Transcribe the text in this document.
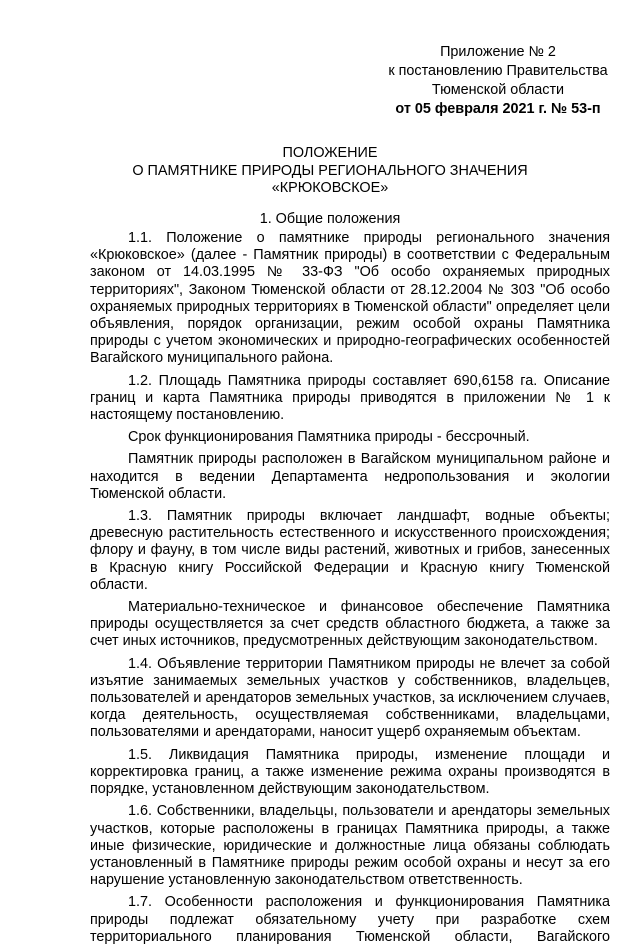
Приложение № 2
к постановлению Правительства
Тюменской области
от 05 февраля 2021 г. № 53-п
ПОЛОЖЕНИЕ
О ПАМЯТНИКЕ ПРИРОДЫ РЕГИОНАЛЬНОГО ЗНАЧЕНИЯ
«КРЮКОВСКОЕ»
1. Общие положения

1.1. Положение о памятнике природы регионального значения «Крюковское» (далее - Памятник природы) в соответствии с Федеральным законом от 14.03.1995 № 33-ФЗ "Об особо охраняемых природных территориях", Законом Тюменской области от 28.12.2004 № 303 "Об особо охраняемых природных территориях в Тюменской области" определяет цели объявления, порядок организации, режим особой охраны Памятника природы с учетом экономических и природно-географических особенностей Вагайского муниципального района.

1.2. Площадь Памятника природы составляет 690,6158 га. Описание границ и карта Памятника природы приводятся в приложении № 1 к настоящему постановлению.

Срок функционирования Памятника природы - бессрочный.

Памятник природы расположен в Вагайском муниципальном районе и находится в ведении Департамента недропользования и экологии Тюменской области.

1.3. Памятник природы включает ландшафт, водные объекты; древесную растительность естественного и искусственного происхождения; флору и фауну, в том числе виды растений, животных и грибов, занесенных в Красную книгу Российской Федерации и Красную книгу Тюменской области.

Материально-техническое и финансовое обеспечение Памятника природы осуществляется за счет средств областного бюджета, а также за счет иных источников, предусмотренных действующим законодательством.

1.4. Объявление территории Памятником природы не влечет за собой изъятие занимаемых земельных участков у собственников, владельцев, пользователей и арендаторов земельных участков, за исключением случаев, когда деятельность, осуществляемая собственниками, владельцами, пользователями и арендаторами, наносит ущерб охраняемым объектам.

1.5. Ликвидация Памятника природы, изменение площади и корректировка границ, а также изменение режима охраны производятся в порядке, установленном действующим законодательством.

1.6. Собственники, владельцы, пользователи и арендаторы земельных участков, которые расположены в границах Памятника природы, а также иные физические, юридические и должностные лица обязаны соблюдать установленный в Памятнике природы режим особой охраны и несут за его нарушение установленную законодательством ответственность.

1.7. Особенности расположения и функционирования Памятника природы подлежат обязательному учету при разработке схем территориального планирования Тюменской области, Вагайского
